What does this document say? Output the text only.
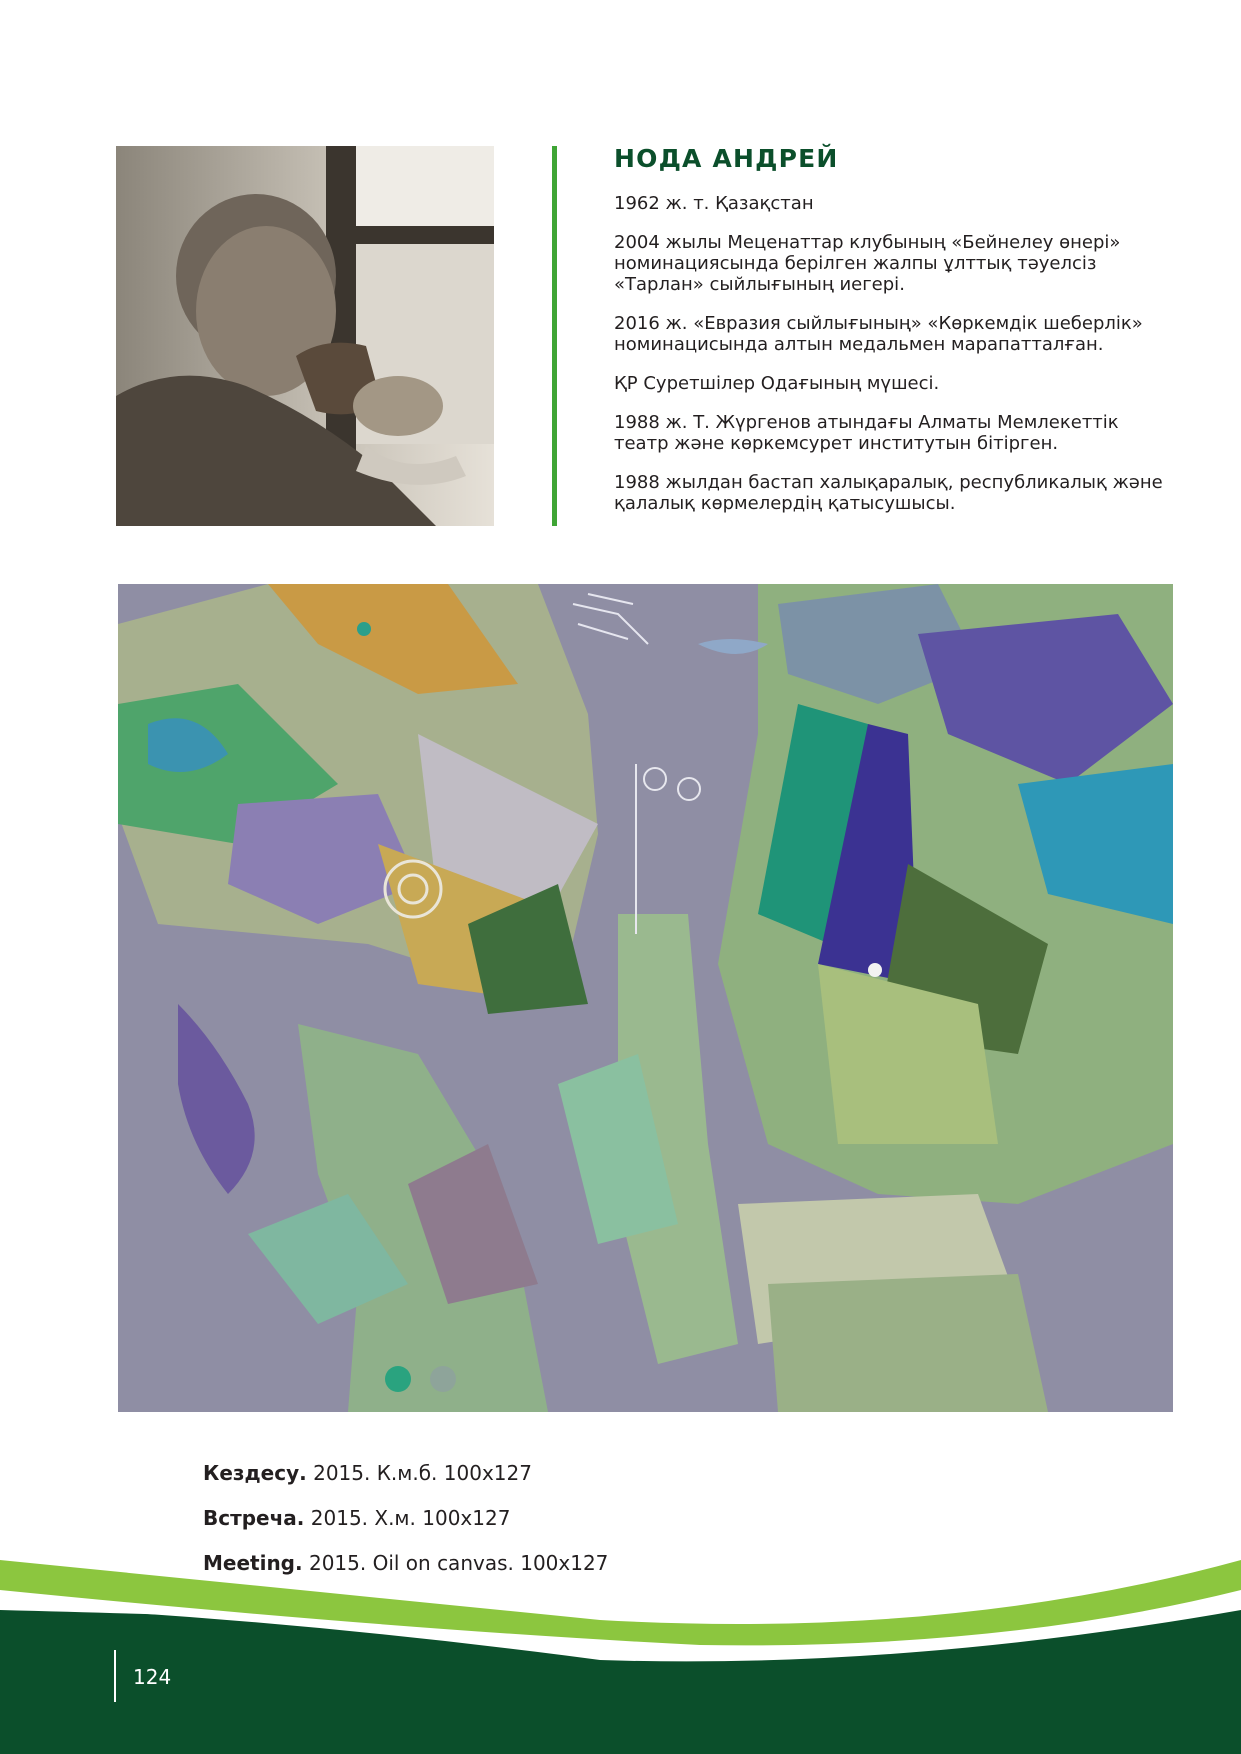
НОДА АНДРЕЙ

1962 ж. т. Қазақстан

2004 жылы Меценаттар клубының «Бейнелеу өнері» номинациясында берілген жалпы ұлттық тәуелсіз «Тарлан» сыйлығының иегері.

2016 ж. «Евразия сыйлығының» «Көркемдік шеберлік» номинацисында алтын медальмен марапатталған.

ҚР Суретшілер Одағының мүшесі.

1988 ж. Т. Жүргенов атындағы Алматы Мемлекеттік театр және көркемсурет институтын бітірген.

1988 жылдан бастап халықаралық, республикалық және қалалық көрмелердің қатысушысы.

Кездесу. 2015. К.м.б. 100x127
Встреча. 2015. Х.м. 100x127
Meeting. 2015. Oil on canvas. 100x127
124
